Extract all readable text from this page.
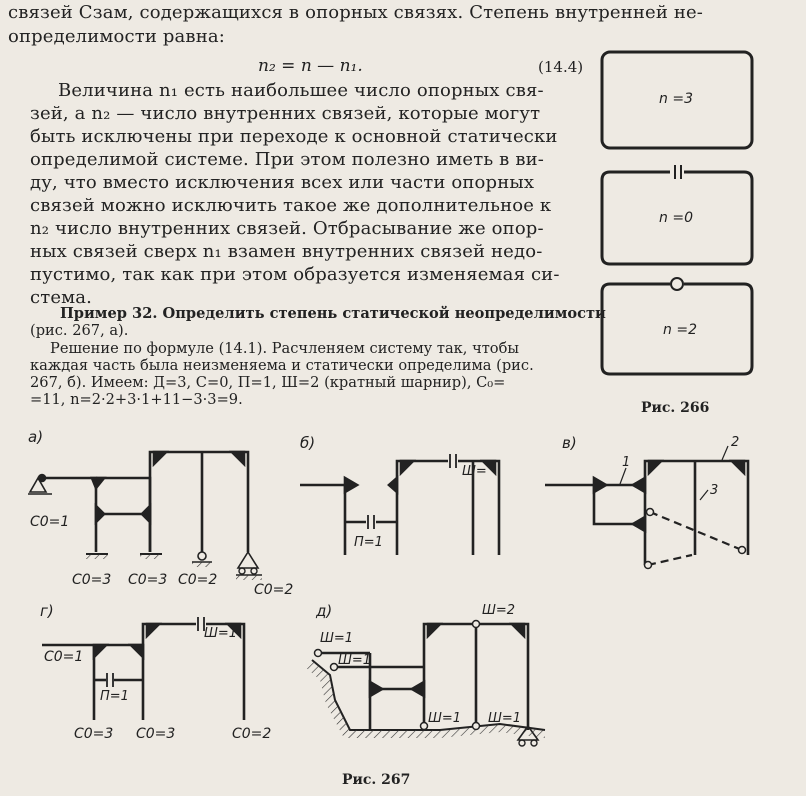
связей Сзам, содержащихся в опорных связях. Степень внутренней не-
определимости равна:
n₂ = n — n₁.	(14.4)
Величина n₁ есть наибольшее число опорных свя-
зей, а n₂ — число внутренних связей, которые могут
быть исключены при переходе к основной статически
определимой системе. При этом полезно иметь в ви-
ду, что вместо исключения всех или части опорных
связей можно исключить такое же дополнительное к
n₂ число внутренних связей. Отбрасывание же опор-
ных связей сверх n₁ взамен внутренних связей недо-
пустимо, так как при этом образуется изменяемая си-
стема.
Пример 32. Определить степень статической неопределимости
(рис. 267, а).
Решение по формуле (14.1). Расчленяем систему так, чтобы
каждая часть была неизменяема и статически определима (рис.
267, б). Имеем: Д=3, С=0, П=1, Ш=2 (кратный шарнир), C₀=
=11, n=2·2+3·1+11−3·3=9.
n =3
n =0
n =2
Рис. 266
а)
C0=1
C0=3 C0=3 C0=2
C0=2
б)
Ш=
П=1
в)
1
2
3
г)
C0=1
Ш=1
П=1
C0=3 C0=3	C0=2
д)	Ш=2
Ш=1
Ш=1
Ш=1 Ш=1
Рис. 267
